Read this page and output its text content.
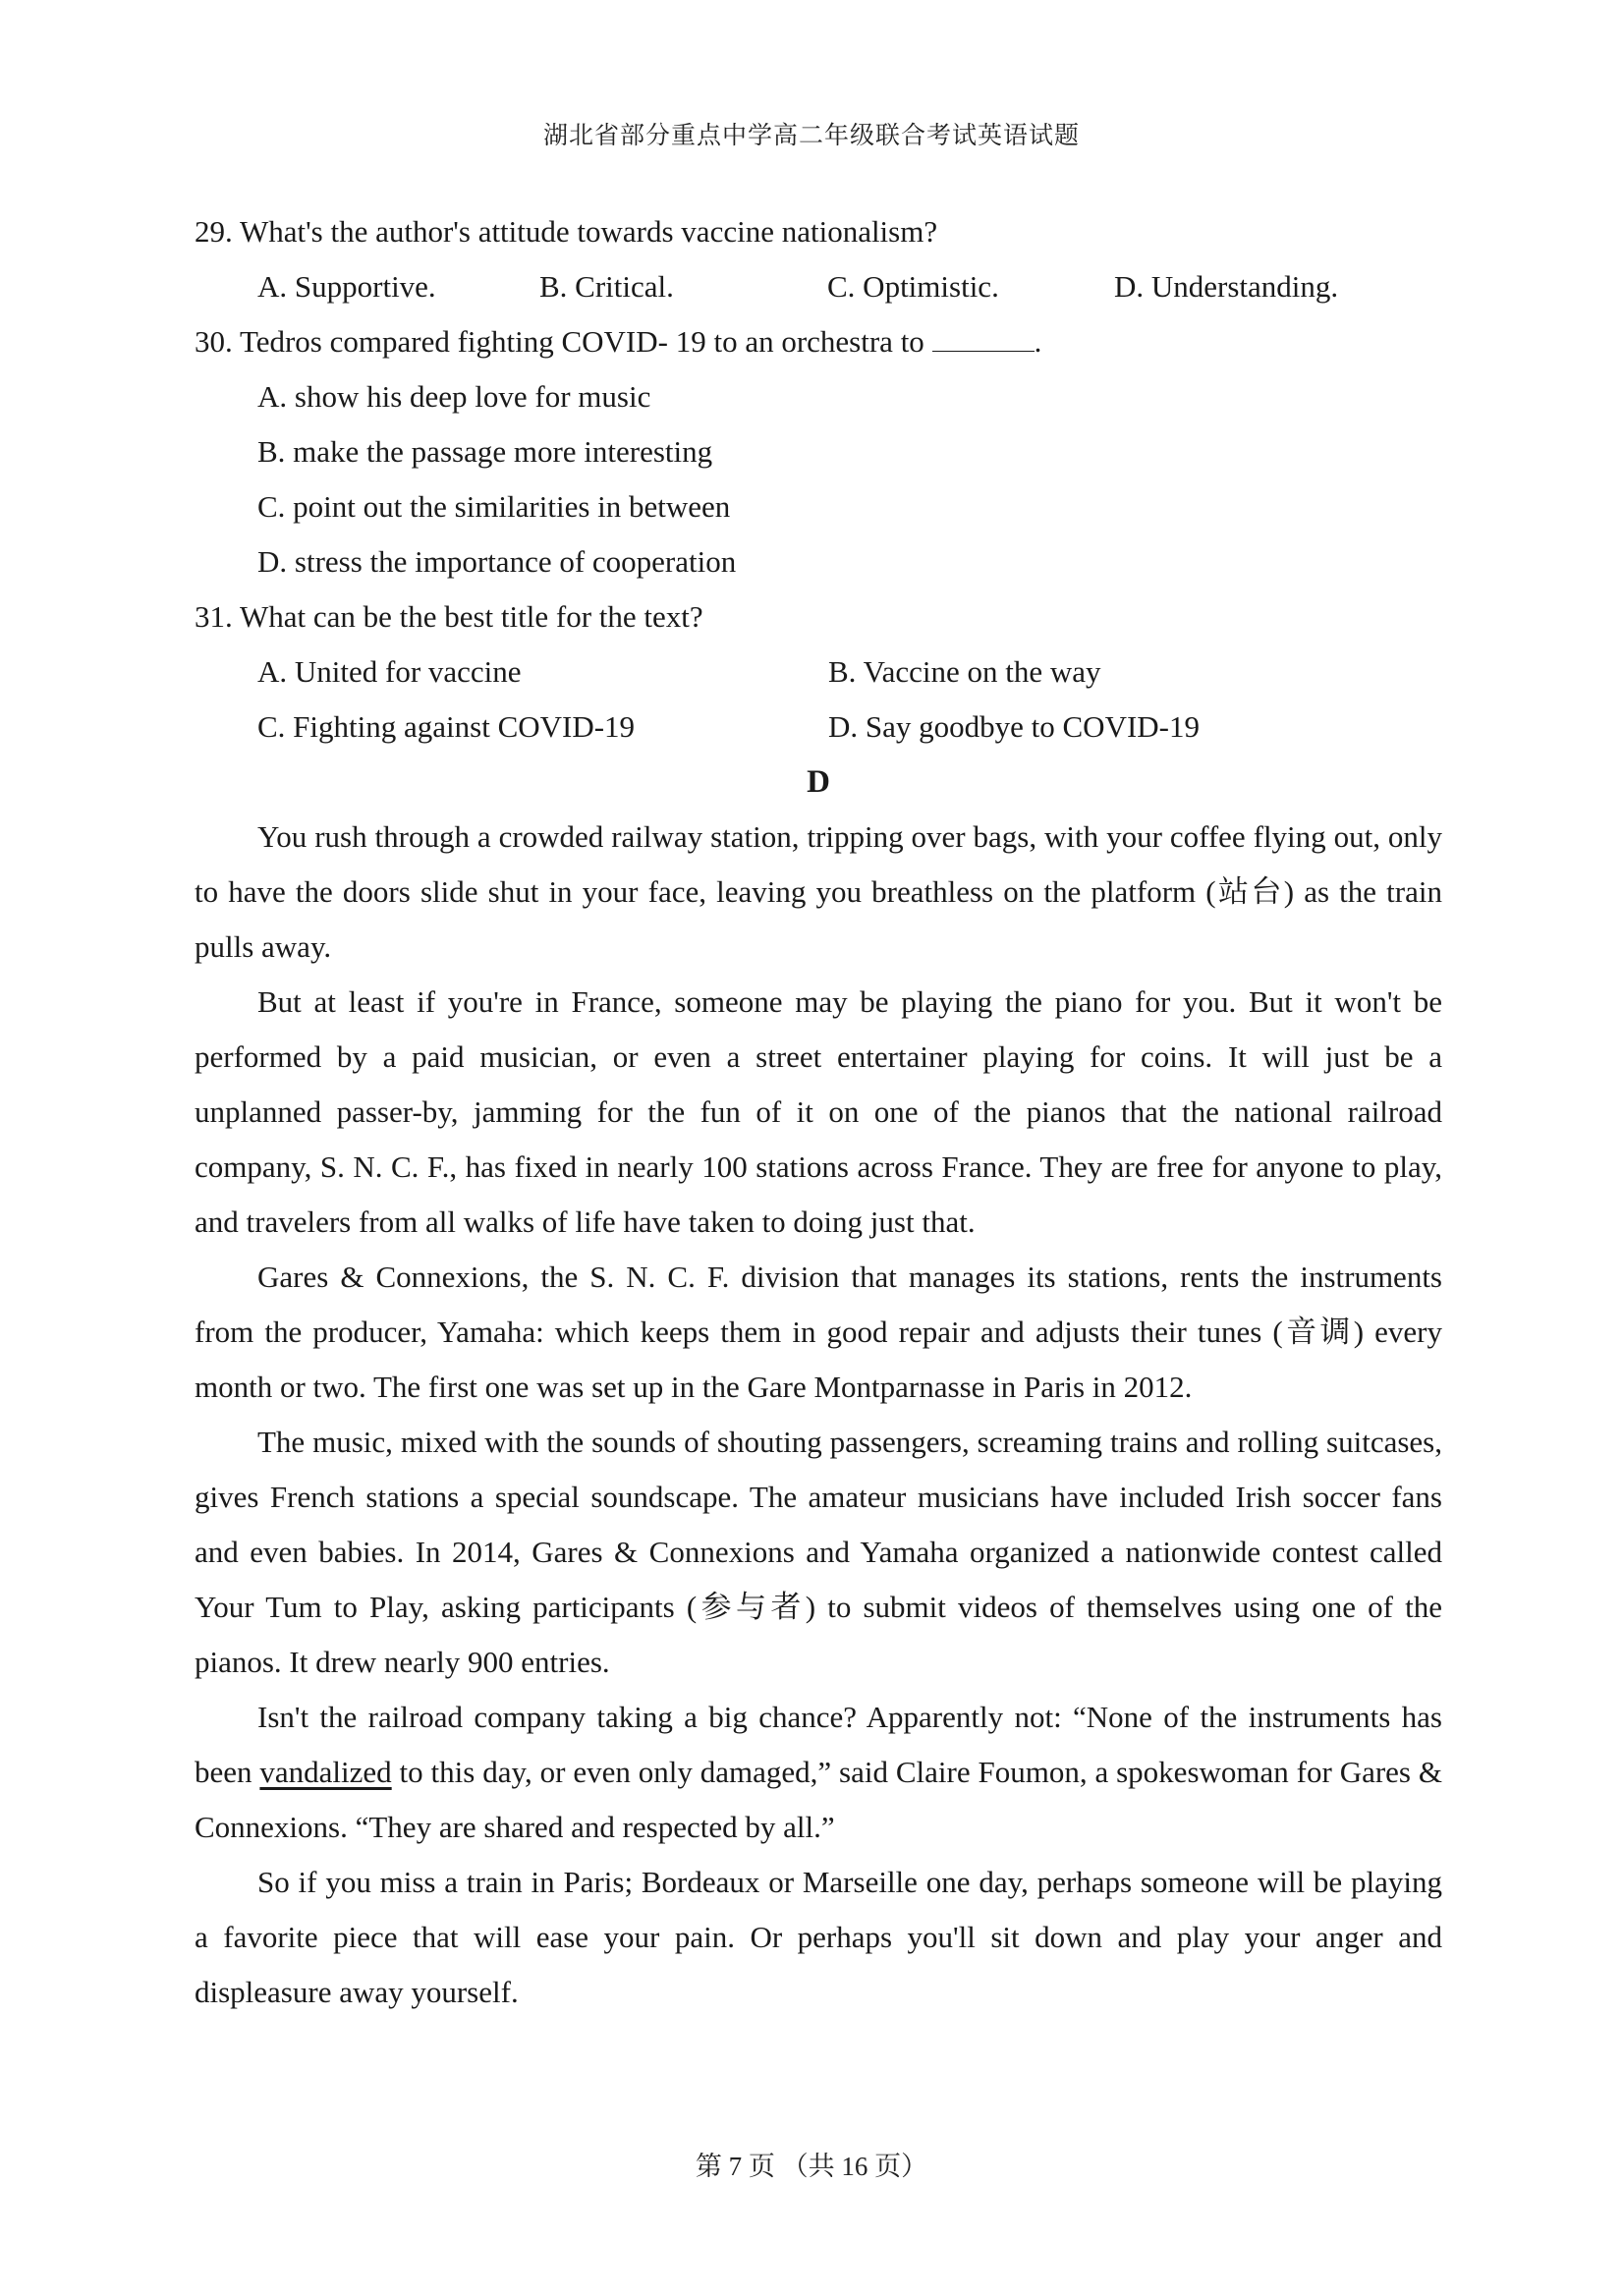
湖北省部分重点中学高二年级联合考试英语试题

29. What's the author's attitude towards vaccine nationalism?

A. Supportive.	B. Critical.	C. Optimistic.	D. Understanding.

30. Tedros compared fighting COVID- 19 to an orchestra to	.

A. show his deep love for music
B. make the passage more interesting
C. point out the similarities in between
D. stress the importance of cooperation

31. What can be the best title for the text?

A. United for vaccine	B. Vaccine on the way
C. Fighting against COVID-19	D. Say goodbye to COVID-19

D

You rush through a crowded railway station, tripping over bags, with your coffee flying out, only to have the doors slide shut in your face, leaving you breathless on the platform (站台) as the train pulls away.

But at least if you're in France, someone may be playing the piano for you. But it won't be performed by a paid musician, or even a street entertainer playing for coins. It will just be a unplanned passer-by, jamming for the fun of it on one of the pianos that the national railroad company, S. N. C. F., has fixed in nearly 100 stations across France. They are free for anyone to play, and travelers from all walks of life have taken to doing just that.

Gares & Connexions, the S. N. C. F. division that manages its stations, rents the instruments from the producer, Yamaha: which keeps them in good repair and adjusts their tunes (音调) every month or two. The first one was set up in the Gare Montparnasse in Paris in 2012.

The music, mixed with the sounds of shouting passengers, screaming trains and rolling suitcases, gives French stations a special soundscape. The amateur musicians have included Irish soccer fans and even babies. In 2014, Gares & Connexions and Yamaha organized a nationwide contest called Your Tum to Play, asking participants (参与者) to submit videos of themselves using one of the pianos. It drew nearly 900 entries.

Isn't the railroad company taking a big chance? Apparently not: “None of the instruments has been vandalized to this day, or even only damaged,” said Claire Foumon, a spokeswoman for Gares & Connexions. “They are shared and respected by all.”

So if you miss a train in Paris; Bordeaux or Marseille one day, perhaps someone will be playing a favorite piece that will ease your pain. Or perhaps you'll sit down and play your anger and displeasure away yourself.

第 7 页 （共 16 页）
